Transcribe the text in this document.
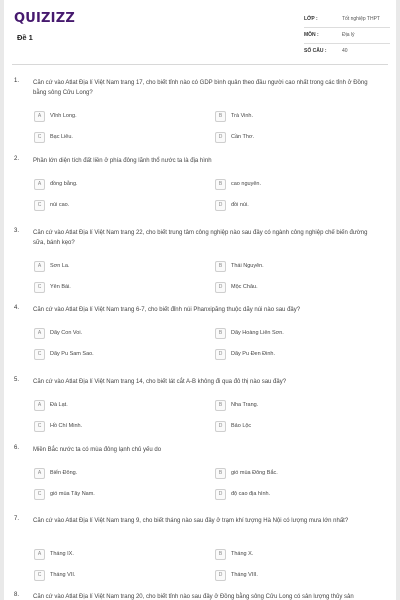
QUIZIZZ
Đề 1
LỚP :	Tốt nghiệp THPT
MÔN :	Địa lý
SỐ CÂU :	40
1. Căn cứ vào Atlat Địa lí Việt Nam trang 17, cho biết tỉnh nào có GDP bình quân theo đầu người cao nhất trong các tỉnh ở Đồng bằng sông Cửu Long?
A	Vĩnh Long.	B	Trà Vinh.
C	Bạc Liêu.	D	Cần Thơ.
2. Phần lớn diện tích đất liền ở phía đông lãnh thổ nước ta là địa hình
A	đồng bằng.	B	cao nguyên.
C	núi cao.	D	đồi núi.
3. Căn cứ vào Atlat Địa lí Việt Nam trang 22, cho biết trung tâm công nghiệp nào sau đây có ngành công nghiệp chế biến đường sữa, bánh kẹo?
A	Sơn La.	B	Thái Nguyên.
C	Yên Bái.	D	Mộc Châu.
4. Căn cứ vào Atlat Địa lí Việt Nam trang 6-7, cho biết đỉnh núi Phanxipăng thuộc dãy núi nào sau đây?
A	Dãy Con Voi.	B	Dãy Hoàng Liên Sơn.
C	Dãy Pu Sam Sao.	D	Dãy Pu Đen Đinh.
5. Căn cứ vào Atlat Địa lí Việt Nam trang 14, cho biết lát cắt A-B không đi qua đô thị nào sau đây?
A	Đà Lạt.	B	Nha Trang.
C	Hồ Chí Minh.	D	Bảo Lộc
6. Miền Bắc nước ta có mùa đông lạnh chủ yếu do
A	Biển Đông.	B	gió mùa Đông Bắc.
C	gió mùa Tây Nam.	D	độ cao địa hình.
7. Căn cứ vào Atlat Địa lí Việt Nam trang 9, cho biết tháng nào sau đây ở trạm khí tượng Hà Nội có lượng mưa lớn nhất?
A	Tháng IX.	B	Tháng X.
C	Tháng VII.	D	Tháng VIII.
8. Căn cứ vào Atlat Địa lí Việt Nam trang 20, cho biết tỉnh nào sau đây ở Đồng bằng sông Cửu Long có sản lượng thủy sản
